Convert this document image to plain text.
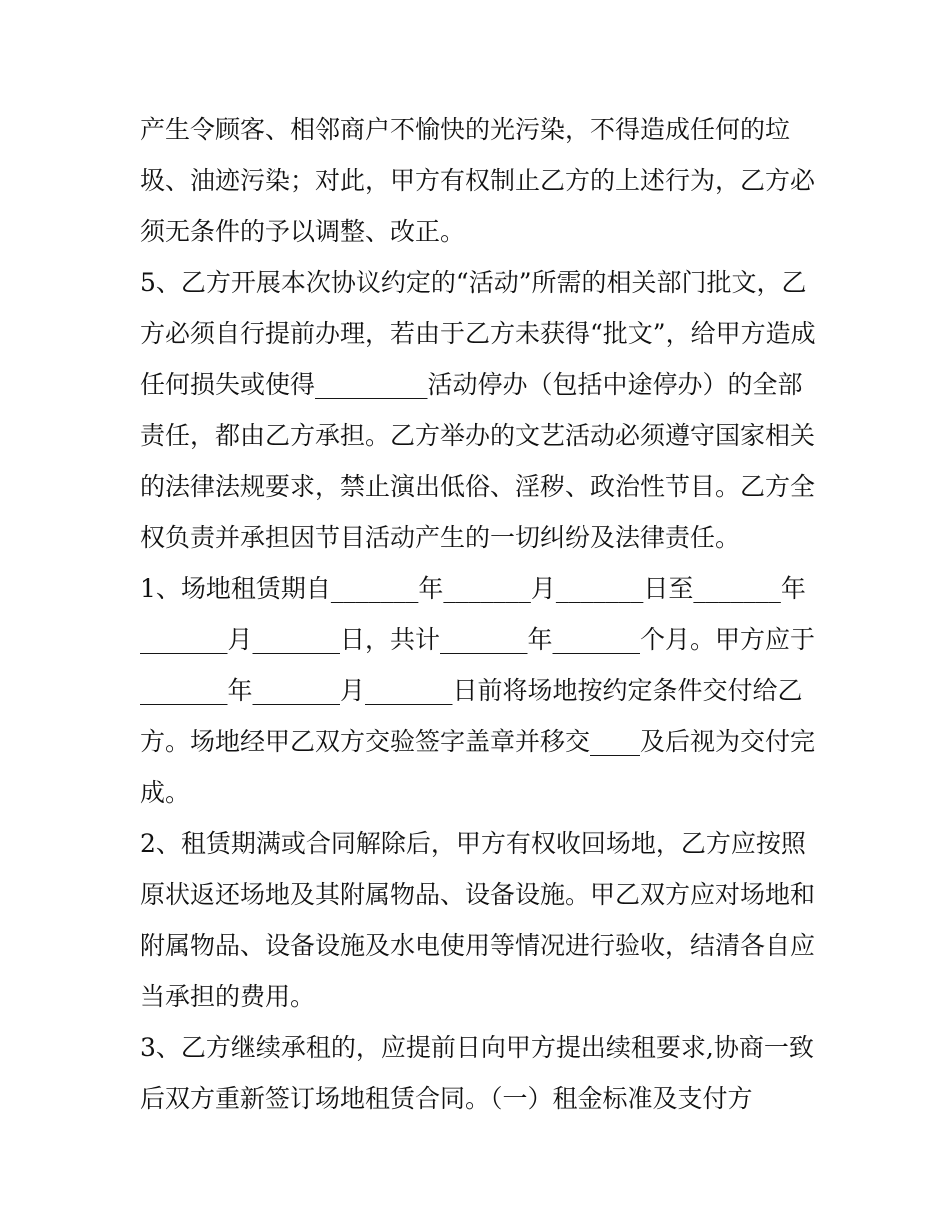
产生令顾客、相邻商户不愉快的光污染，不得造成任何的垃
圾、油迹污染；对此，甲方有权制止乙方的上述行为，乙方必
须无条件的予以调整、改正。
5、乙方开展本次协议约定的“活动”所需的相关部门批文，乙
方必须自行提前办理，若由于乙方未获得“批文”，给甲方造成
任何损失或使得_________活动停办（包括中途停办）的全部
责任，都由乙方承担。乙方举办的文艺活动必须遵守国家相关
的法律法规要求，禁止演出低俗、淫秽、政治性节目。乙方全
权负责并承担因节目活动产生的一切纠纷及法律责任。
1、场地租赁期自_______年_______月_______日至_______年
_______月_______日，共计_______年_______个月。甲方应于
_______年_______月_______日前将场地按约定条件交付给乙
方。场地经甲乙双方交验签字盖章并移交____及后视为交付完
成。
2、租赁期满或合同解除后，甲方有权收回场地，乙方应按照
原状返还场地及其附属物品、设备设施。甲乙双方应对场地和
附属物品、设备设施及水电使用等情况进行验收，结清各自应
当承担的费用。
3、乙方继续承租的，应提前日向甲方提出续租要求,协商一致
后双方重新签订场地租赁合同。（一）租金标准及支付方
